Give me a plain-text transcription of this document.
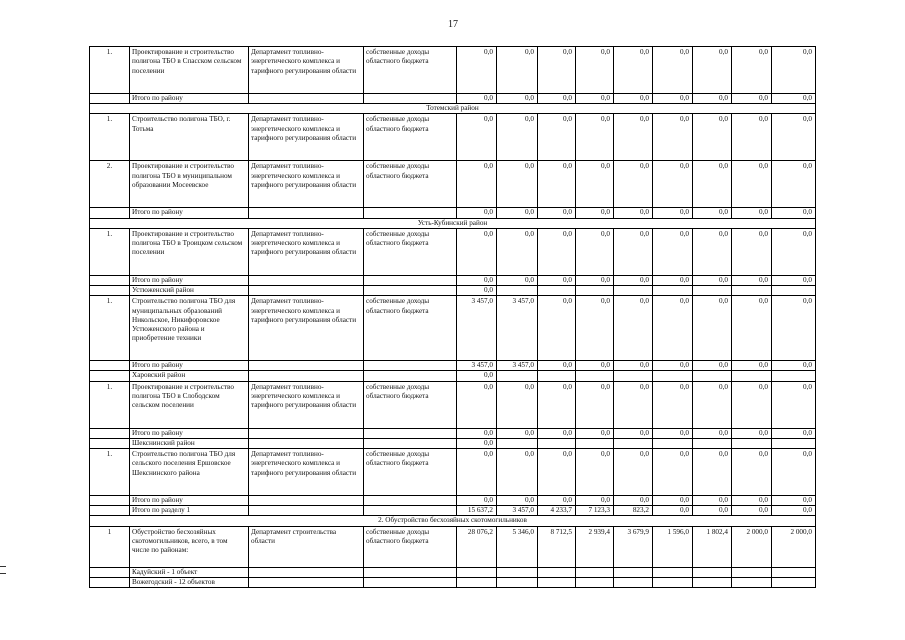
17
1.	Проектирование и строительство полигона ТБО в Спасском сельском поселении	Департамент топливно-энергетического комплекса и тарифного регулирования области	собственные доходы областного бюджета	0,0	0,0	0,0	0,0	0,0	0,0	0,0	0,0	0,0
	Итого по району			0,0	0,0	0,0	0,0	0,0	0,0	0,0	0,0	0,0
Тотемский район												
1.	Строительство полигона ТБО, г. Тотьма	Департамент топливно-энергетического комплекса и тарифного регулирования области	собственные доходы областного бюджета	0,0	0,0	0,0	0,0	0,0	0,0	0,0	0,0	0,0
2.	Проектирование и строительство полигона ТБО в муниципальном образовании Мосеевское	Департамент топливно-энергетического комплекса и тарифного регулирования области	собственные доходы областного бюджета	0,0	0,0	0,0	0,0	0,0	0,0	0,0	0,0	0,0
	Итого по району			0,0	0,0	0,0	0,0	0,0	0,0	0,0	0,0	0,0
Усть-Кубинский район												
1.	Проектирование и строительство полигона ТБО в Троицком сельском поселении	Департамент топливно-энергетического комплекса и тарифного регулирования области	собственные доходы областного бюджета	0,0	0,0	0,0	0,0	0,0	0,0	0,0	0,0	0,0
	Итого по району			0,0	0,0	0,0	0,0	0,0	0,0	0,0	0,0	0,0
	Устюженский район			0,0								
1.	Строительство полигона ТБО для муниципальных образований Никольское, Никифоровское Устюженского района и приобретение техники	Департамент топливно-энергетического комплекса и тарифного регулирования области	собственные доходы областного бюджета	3 457,0	3 457,0	0,0	0,0	0,0	0,0	0,0	0,0	0,0
	Итого по району			3 457,0	3 457,0	0,0	0,0	0,0	0,0	0,0	0,0	0,0
	Харовский район			0,0								
1.	Проектирование и строительство полигона ТБО в Слободском сельском поселении	Департамент топливно-энергетического комплекса и тарифного регулирования области	собственные доходы областного бюджета	0,0	0,0	0,0	0,0	0,0	0,0	0,0	0,0	0,0
	Итого по району			0,0	0,0	0,0	0,0	0,0	0,0	0,0	0,0	0,0
	Шекснинский район			0,0								
1.	Строительство полигона ТБО для сельского поселения Ершовское Шекснинского района	Департамент топливно-энергетического комплекса и тарифного регулирования области	собственные доходы областного бюджета	0,0	0,0	0,0	0,0	0,0	0,0	0,0	0,0	0,0
	Итого по району			0,0	0,0	0,0	0,0	0,0	0,0	0,0	0,0	0,0
	Итого по разделу 1			15 637,2	3 457,0	4 233,7	7 123,3	823,2	0,0	0,0	0,0	0,0
2. Обустройство бесхозяйных скотомогильников												
1	Обустройство бесхозяйных скотомогильников, всего, в том числе по районам:	Департамент строительства области	собственные доходы областного бюджета	28 076,2	5 346,0	8 712,5	2 939,4	3 679,9	1 596,0	1 802,4	2 000,0	2 000,0
	Кадуйский - 1 объект											
	Вожегодский - 12 объектов											
